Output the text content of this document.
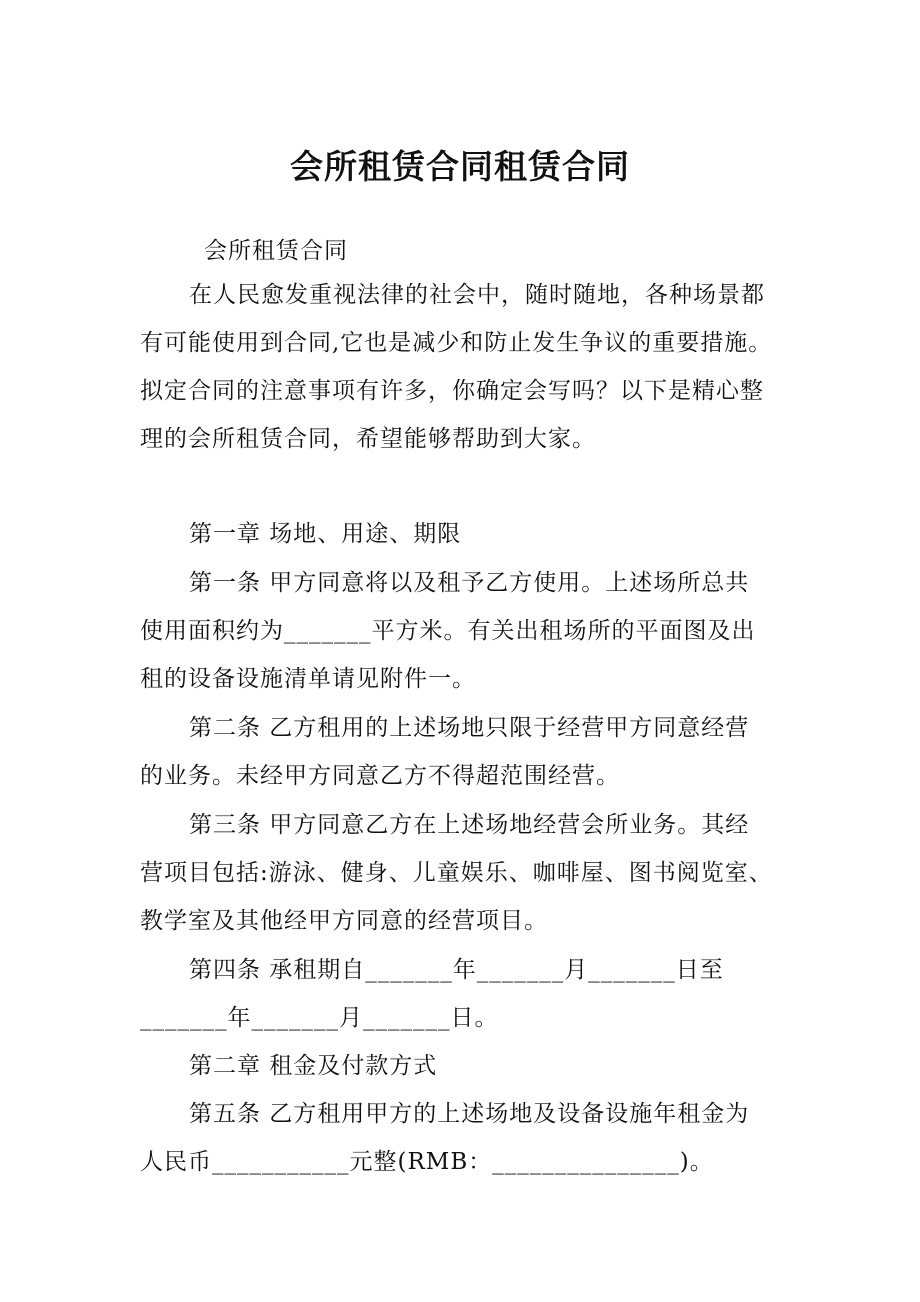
会所租赁合同租赁合同

会所租赁合同

在人民愈发重视法律的社会中，随时随地，各种场景都
有可能使用到合同,它也是减少和防止发生争议的重要措施。
拟定合同的注意事项有许多，你确定会写吗？以下是精心整
理的会所租赁合同，希望能够帮助到大家。

第一章 场地、用途、期限

第一条 甲方同意将以及租予乙方使用。上述场所总共
使用面积约为_______平方米。有关出租场所的平面图及出
租的设备设施清单请见附件一。

第二条 乙方租用的上述场地只限于经营甲方同意经营
的业务。未经甲方同意乙方不得超范围经营。

第三条 甲方同意乙方在上述场地经营会所业务。其经
营项目包括:游泳、健身、儿童娱乐、咖啡屋、图书阅览室、
教学室及其他经甲方同意的经营项目。

第四条 承租期自_______年_______月_______日至
_______年_______月_______日。

第二章 租金及付款方式

第五条 乙方租用甲方的上述场地及设备设施年租金为
人民币___________元整(RMB：_______________)。
